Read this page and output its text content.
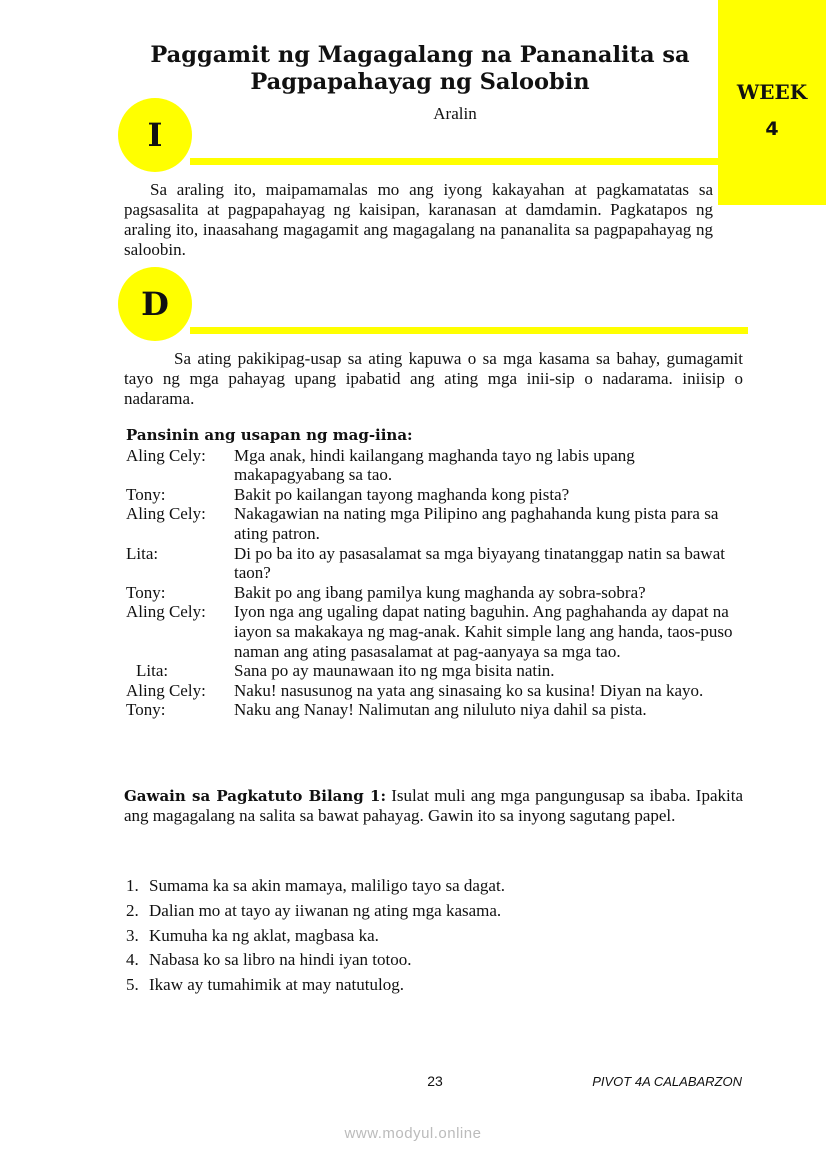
WEEK
4
Paggamit ng Magagalang na Pananalita sa
Pagpapahayag ng Saloobin
Aralin
I
Sa araling ito, maipamamalas mo ang iyong kakayahan at pagkamatatas sa pagsasalita at pagpapahayag ng kaisipan, karanasan at damdamin. Pagkatapos ng araling ito, inaasahang magagamit ang magagalang na pananalita sa pagpapahayag ng saloobin.
D
Sa ating pakikipag-usap sa ating kapuwa o sa mga kasama sa bahay, gumagamit tayo ng mga pahayag upang ipabatid ang ating mga inii-sip o nadarama. iniisip o nadarama.
Pansinin ang usapan ng mag-iina:
Aling Cely:	Mga anak, hindi kailangang maghanda tayo ng labis upang makapagyabang sa tao.
Tony:	Bakit po kailangan tayong maghanda kong pista?
Aling Cely:	Nakagawian na nating mga Pilipino ang paghahanda kung pista para sa ating patron.
Lita:	Di po ba ito ay pasasalamat sa mga biyayang tinatanggap natin sa bawat taon?
Tony:	Bakit po ang ibang pamilya kung maghanda ay sobra-sobra?
Aling Cely:	Iyon nga ang ugaling dapat nating baguhin. Ang paghahanda ay dapat na iayon sa makakaya ng mag-anak. Kahit simple lang ang handa, taos-puso naman ang ating pasasalamat at pag-aanyaya sa mga tao.
Lita:	Sana po ay maunawaan ito ng mga bisita natin.
Aling Cely:	Naku! nasusunog na yata ang sinasaing ko sa kusina! Diyan na kayo.
Tony:	Naku ang Nanay! Nalimutan ang niluluto niya dahil sa pista.
Gawain sa Pagkatuto Bilang 1: Isulat muli ang mga pangungusap sa ibaba. Ipakita ang magagalang na salita sa bawat pahayag. Gawin ito sa inyong sagutang papel.
1. Sumama ka sa akin mamaya, maliligo tayo sa dagat.
2. Dalian mo at tayo ay iiwanan ng ating mga kasama.
3. Kumuha ka ng aklat, magbasa ka.
4. Nabasa ko sa libro na hindi iyan totoo.
5. Ikaw ay tumahimik at may natutulog.
23	PIVOT 4A CALABARZON
www.modyul.online
